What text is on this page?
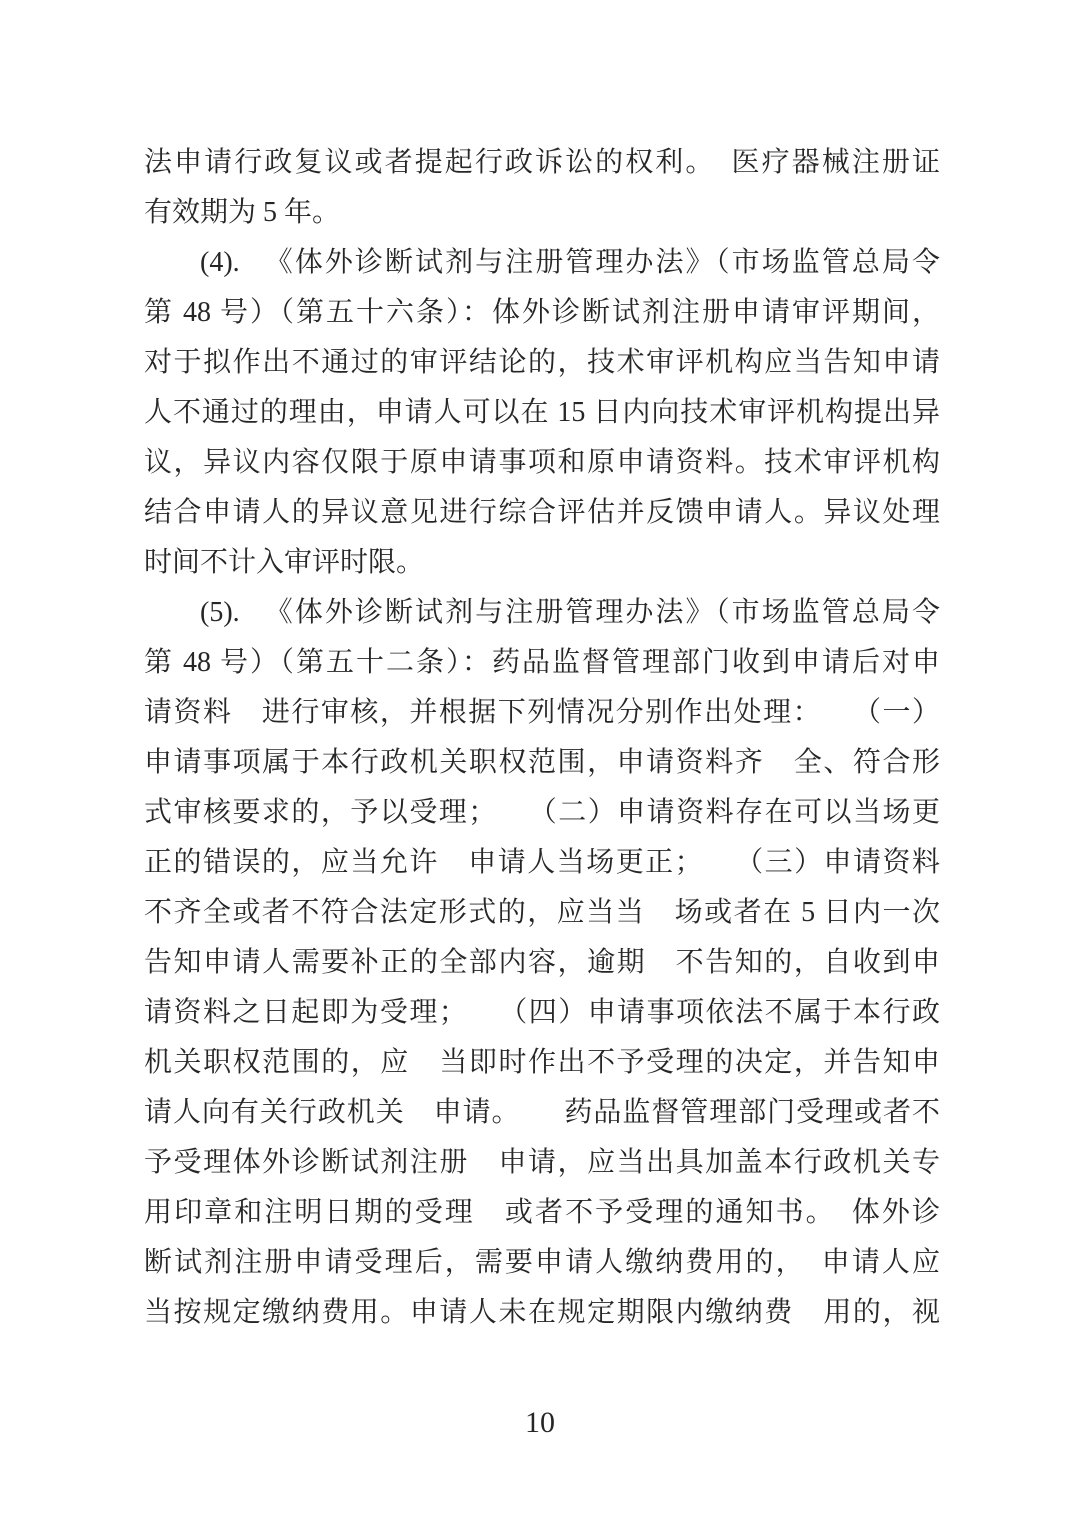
法申请行政复议或者提起行政诉讼的权利。　医疗器械注册证
有效期为 5 年。
(4). 　《体外诊断试剂与注册管理办法》（市场监管总局令
第 48 号）（第五十六条）：体外诊断试剂注册申请审评期间，
对于拟作出不通过的审评结论的，技术审评机构应当告知申请
人不通过的理由，申请人可以在 15 日内向技术审评机构提出异
议，异议内容仅限于原申请事项和原申请资料。技术审评机构
结合申请人的异议意见进行综合评估并反馈申请人。异议处理
时间不计入审评时限。
(5). 　《体外诊断试剂与注册管理办法》（市场监管总局令
第 48 号）（第五十二条）：药品监督管理部门收到申请后对申
请资料　进行审核，并根据下列情况分别作出处理：　　（一）
申请事项属于本行政机关职权范围，申请资料齐　全、符合形
式审核要求的，予以受理；　　（二）申请资料存在可以当场更
正的错误的，应当允许　申请人当场更正；　　（三）申请资料
不齐全或者不符合法定形式的，应当当　场或者在 5 日内一次
告知申请人需要补正的全部内容，逾期　不告知的，自收到申
请资料之日起即为受理；　　（四）申请事项依法不属于本行政
机关职权范围的，应　当即时作出不予受理的决定，并告知申
请人向有关行政机关　申请。　　药品监督管理部门受理或者不
予受理体外诊断试剂注册　申请，应当出具加盖本行政机关专
用印章和注明日期的受理　或者不予受理的通知书。　体外诊
断试剂注册申请受理后，需要申请人缴纳费用的，　申请人应
当按规定缴纳费用。申请人未在规定期限内缴纳费　用的，视
10
